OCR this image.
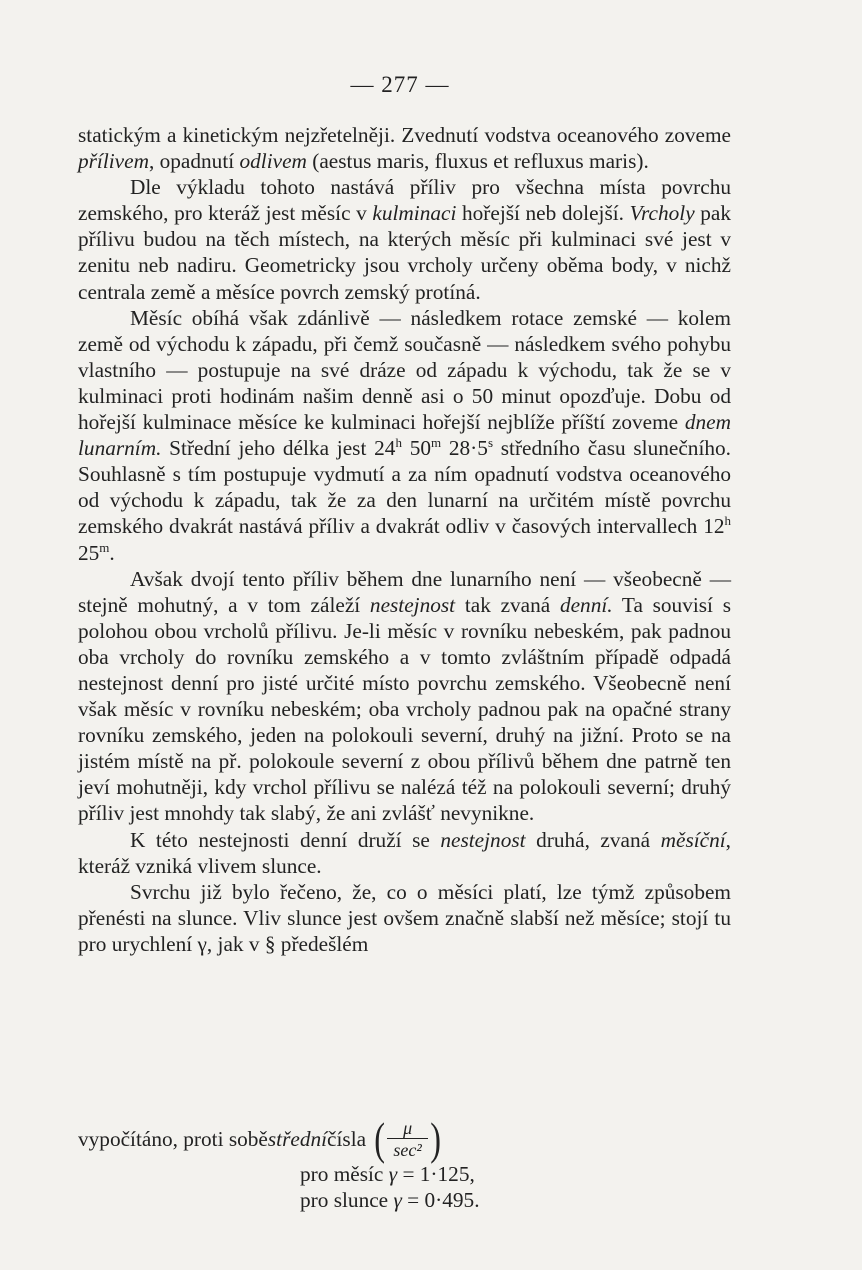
— 277 —

statickým a kinetickým nejzřetelněji. Zvednutí vodstva oceanového zoveme přílivem, opadnutí odlivem (aestus maris, fluxus et refluxus maris).

Dle výkladu tohoto nastává příliv pro všechna místa povrchu zemského, pro kteráž jest měsíc v kulminaci hořejší neb dolejší. Vrcholy pak přílivu budou na těch místech, na kterých měsíc při kulminaci své jest v zenitu neb nadiru. Geometricky jsou vrcholy určeny oběma body, v nichž centrala země a měsíce povrch zemský protíná.

Měsíc obíhá však zdánlivě — následkem rotace zemské — kolem země od východu k západu, při čemž současně — následkem svého pohybu vlastního — postupuje na své dráze od západu k východu, tak že se v kulminaci proti hodinám našim denně asi o 50 minut opozďuje. Dobu od hořejší kulminace měsíce ke kulminaci hořejší nejblíže příští zoveme dnem lunarním. Střední jeho délka jest 24$^h$ 50$^m$ $28\cdot 5^s$ středního času slunečního. Souhlasně s tím postupuje vydmutí a za ním opadnutí vodstva oceanového od východu k západu, tak že za den lunarní na určitém místě povrchu zemského dvakrát nastává příliv a dvakrát odliv v časových intervallech 12$^h$ 25$^m$.

Avšak dvojí tento příliv během dne lunarního není — všeobecně — stejně mohutný, a v tom záleží nestejnost tak zvaná denní. Ta souvisí s polohou obou vrcholů přílivu. Je-li měsíc v rovníku nebeském, pak padnou oba vrcholy do rovníku zemského a v tomto zvláštním případě odpadá nestejnost denní pro jisté určité místo povrchu zemského. Všeobecně není však měsíc v rovníku nebeském; oba vrcholy padnou pak na opačné strany rovníku zemského, jeden na polokouli severní, druhý na jižní. Proto se na jistém místě na př. polokoule severní z obou přílivů během dne patrně ten jeví mohutněji, kdy vrchol přílivu se nalézá též na polokouli severní; druhý příliv jest mnohdy tak slabý, že ani zvlášť nevynikne.

K této nestejnosti denní druží se nestejnost druhá, zvaná měsíční, kteráž vzniká vlivem slunce.

Svrchu již bylo řečeno, že, co o měsíci platí, lze týmž způsobem přenésti na slunce. Vliv slunce jest ovšem značně slabší než měsíce; stojí tu pro urychlení γ, jak v § předešlém

vypočítáno, proti sobě střední čísla ( $\frac{\mu}{\text{sec²}}$ )
pro měsíc γ = 1·125,
pro slunce γ = 0·495.
